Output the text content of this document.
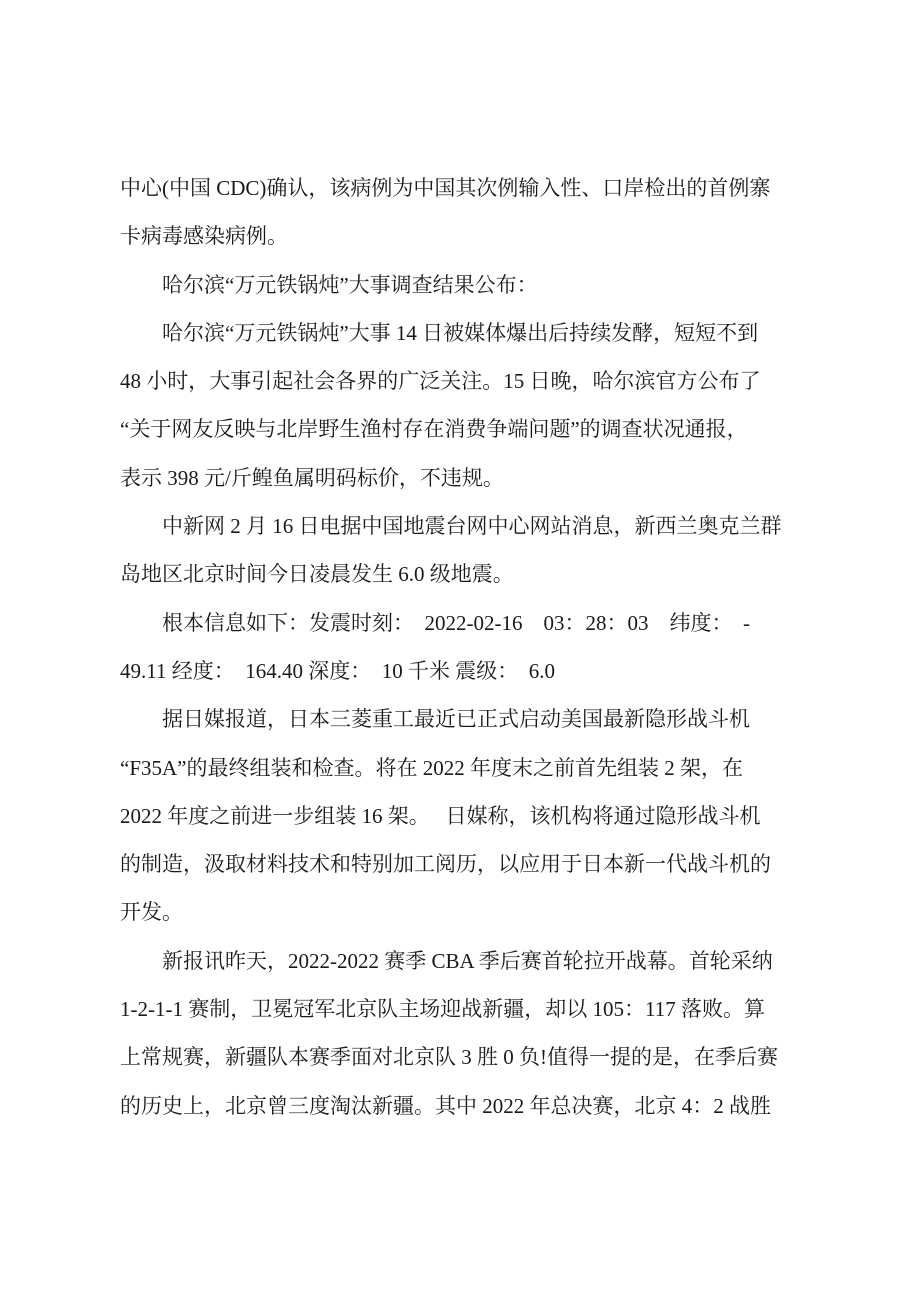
中心(中国 CDC)确认，该病例为中国其次例输入性、口岸检出的首例寨
卡病毒感染病例。
　　哈尔滨“万元铁锅炖”大事调查结果公布：
　　哈尔滨“万元铁锅炖”大事 14 日被媒体爆出后持续发酵，短短不到
48 小时，大事引起社会各界的广泛关注。15 日晚，哈尔滨官方公布了
“关于网友反映与北岸野生渔村存在消费争端问题”的调查状况通报，
表示 398 元/斤鳇鱼属明码标价，不违规。
　　中新网 2 月 16 日电据中国地震台网中心网站消息，新西兰奥克兰群
岛地区北京时间今日凌晨发生 6.0 级地震。
　　根本信息如下：发震时刻：　2022-02-16　03：28：03　纬度：　-
49.11 经度：　164.40 深度：　10 千米 震级：　6.0
　　据日媒报道，日本三菱重工最近已正式启动美国最新隐形战斗机
“F35A”的最终组装和检查。将在 2022 年度末之前首先组装 2 架，在
2022 年度之前进一步组装 16 架。　 日媒称，该机构将通过隐形战斗机
的制造，汲取材料技术和特别加工阅历，以应用于日本新一代战斗机的
开发。
　　新报讯昨天，2022-2022 赛季 CBA 季后赛首轮拉开战幕。首轮采纳
1-2-1-1 赛制，卫冕冠军北京队主场迎战新疆，却以 105：117 落败。算
上常规赛，新疆队本赛季面对北京队 3 胜 0 负!值得一提的是，在季后赛
的历史上，北京曾三度淘汰新疆。其中 2022 年总决赛，北京 4：2 战胜
